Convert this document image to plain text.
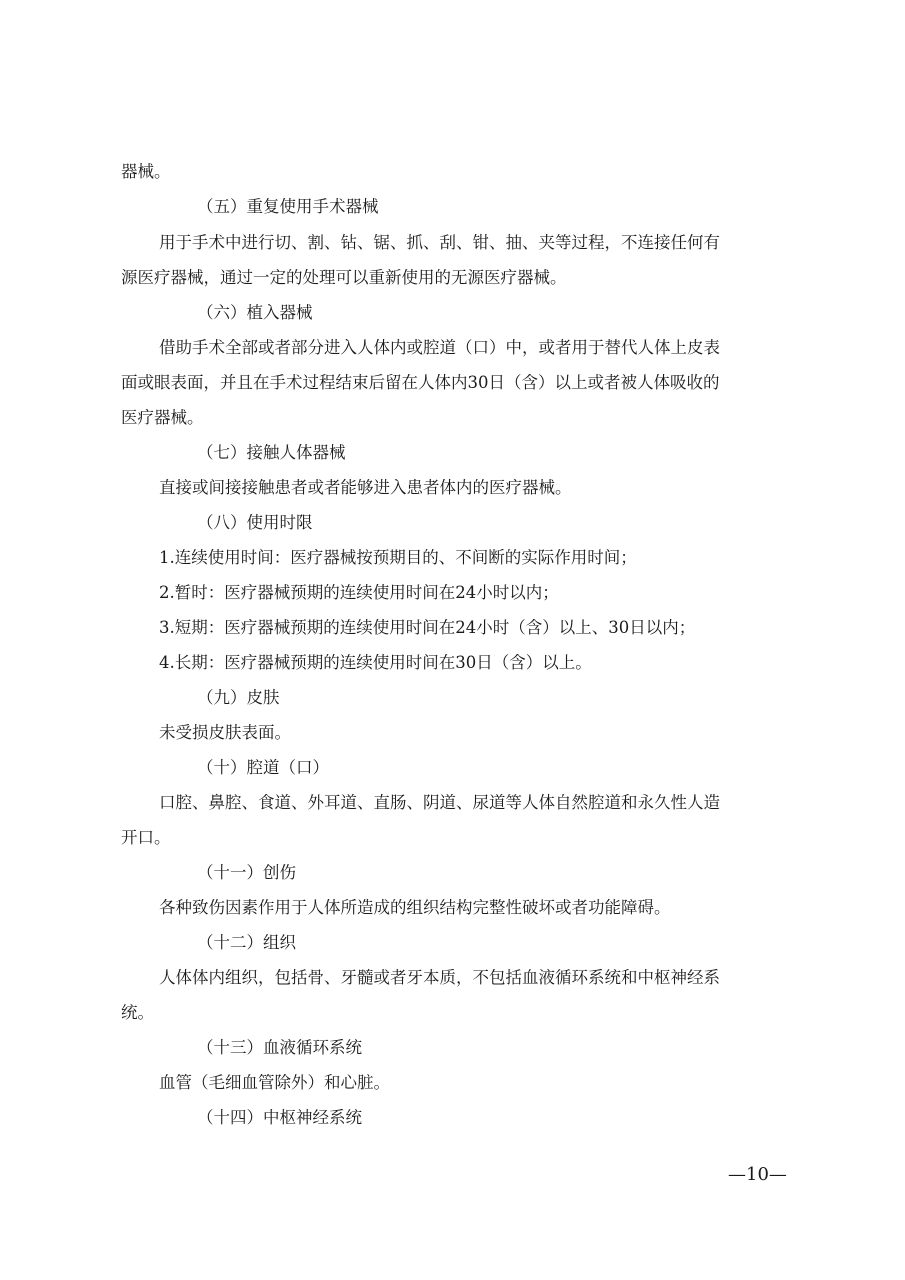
器械。
（五）重复使用手术器械
用于手术中进行切、割、钻、锯、抓、刮、钳、抽、夹等过程，不连接任何有
源医疗器械，通过一定的处理可以重新使用的无源医疗器械。
（六）植入器械
借助手术全部或者部分进入人体内或腔道（口）中，或者用于替代人体上皮表
面或眼表面，并且在手术过程结束后留在人体内30日（含）以上或者被人体吸收的
医疗器械。
（七）接触人体器械
直接或间接接触患者或者能够进入患者体内的医疗器械。
（八）使用时限
1.连续使用时间：医疗器械按预期目的、不间断的实际作用时间；
2.暂时：医疗器械预期的连续使用时间在24小时以内；
3.短期：医疗器械预期的连续使用时间在24小时（含）以上、30日以内；
4.长期：医疗器械预期的连续使用时间在30日（含）以上。
（九）皮肤
未受损皮肤表面。
（十）腔道（口）
口腔、鼻腔、食道、外耳道、直肠、阴道、尿道等人体自然腔道和永久性人造
开口。
（十一）创伤
各种致伤因素作用于人体所造成的组织结构完整性破坏或者功能障碍。
（十二）组织
人体体内组织，包括骨、牙髓或者牙本质，不包括血液循环系统和中枢神经系
统。
（十三）血液循环系统
血管（毛细血管除外）和心脏。
（十四）中枢神经系统
—10—
